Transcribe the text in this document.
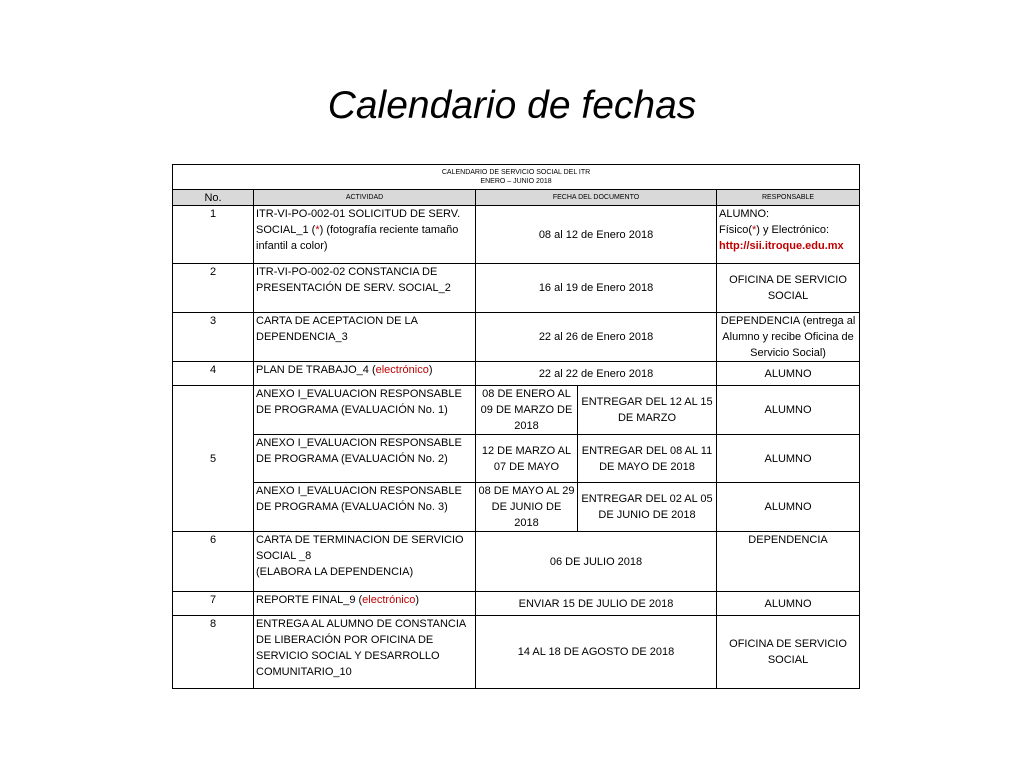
Calendario de fechas
CALENDARIO DE SERVICIO SOCIAL DEL ITR
ENERO – JUNIO 2018				

No.	ACTIVIDAD	FECHA DEL DOCUMENTO		RESPONSABLE
1	ITR-VI-PO-002-01 SOLICITUD DE SERV. SOCIAL_1 (*) (fotografía reciente tamaño infantil a color)	08 al 12 de Enero 2018		ALUMNO:
Físico(*) y Electrónico:
http://sii.itroque.edu.mx

2	ITR-VI-PO-002-02 CONSTANCIA DE PRESENTACIÓN DE SERV. SOCIAL_2	16 al 19 de Enero 2018		OFICINA DE SERVICIO SOCIAL
3	CARTA DE ACEPTACION DE LA DEPENDENCIA_3	22 al 26 de Enero 2018		DEPENDENCIA (entrega al Alumno y recibe Oficina de Servicio Social)
4	PLAN DE TRABAJO_4 (electrónico)	22 al 22 de Enero 2018		ALUMNO
5	ANEXO I_EVALUACION RESPONSABLE DE PROGRAMA (EVALUACIÓN No. 1)	08 DE ENERO AL 09 DE MARZO DE 2018	ENTREGAR DEL 12 AL 15 DE MARZO	ALUMNO
	ANEXO I_EVALUACION RESPONSABLE DE PROGRAMA (EVALUACIÓN No. 2)	12 DE MARZO AL 07 DE MAYO	ENTREGAR DEL 08 AL 11 DE MAYO DE 2018	ALUMNO
	ANEXO I_EVALUACION RESPONSABLE DE PROGRAMA (EVALUACIÓN No. 3)	08 DE MAYO AL 29 DE JUNIO DE 2018	ENTREGAR DEL 02 AL 05 DE JUNIO DE 2018	ALUMNO
6	CARTA DE TERMINACION DE SERVICIO SOCIAL _8
(ELABORA LA DEPENDENCIA)	06 DE JULIO 2018		DEPENDENCIA
7	REPORTE FINAL_9 (electrónico)	ENVIAR 15 DE JULIO DE 2018		ALUMNO
8	ENTREGA AL ALUMNO DE CONSTANCIA DE LIBERACIÓN POR OFICINA DE SERVICIO SOCIAL Y DESARROLLO COMUNITARIO_10	14 AL 18 DE AGOSTO DE 2018		OFICINA DE SERVICIO SOCIAL
